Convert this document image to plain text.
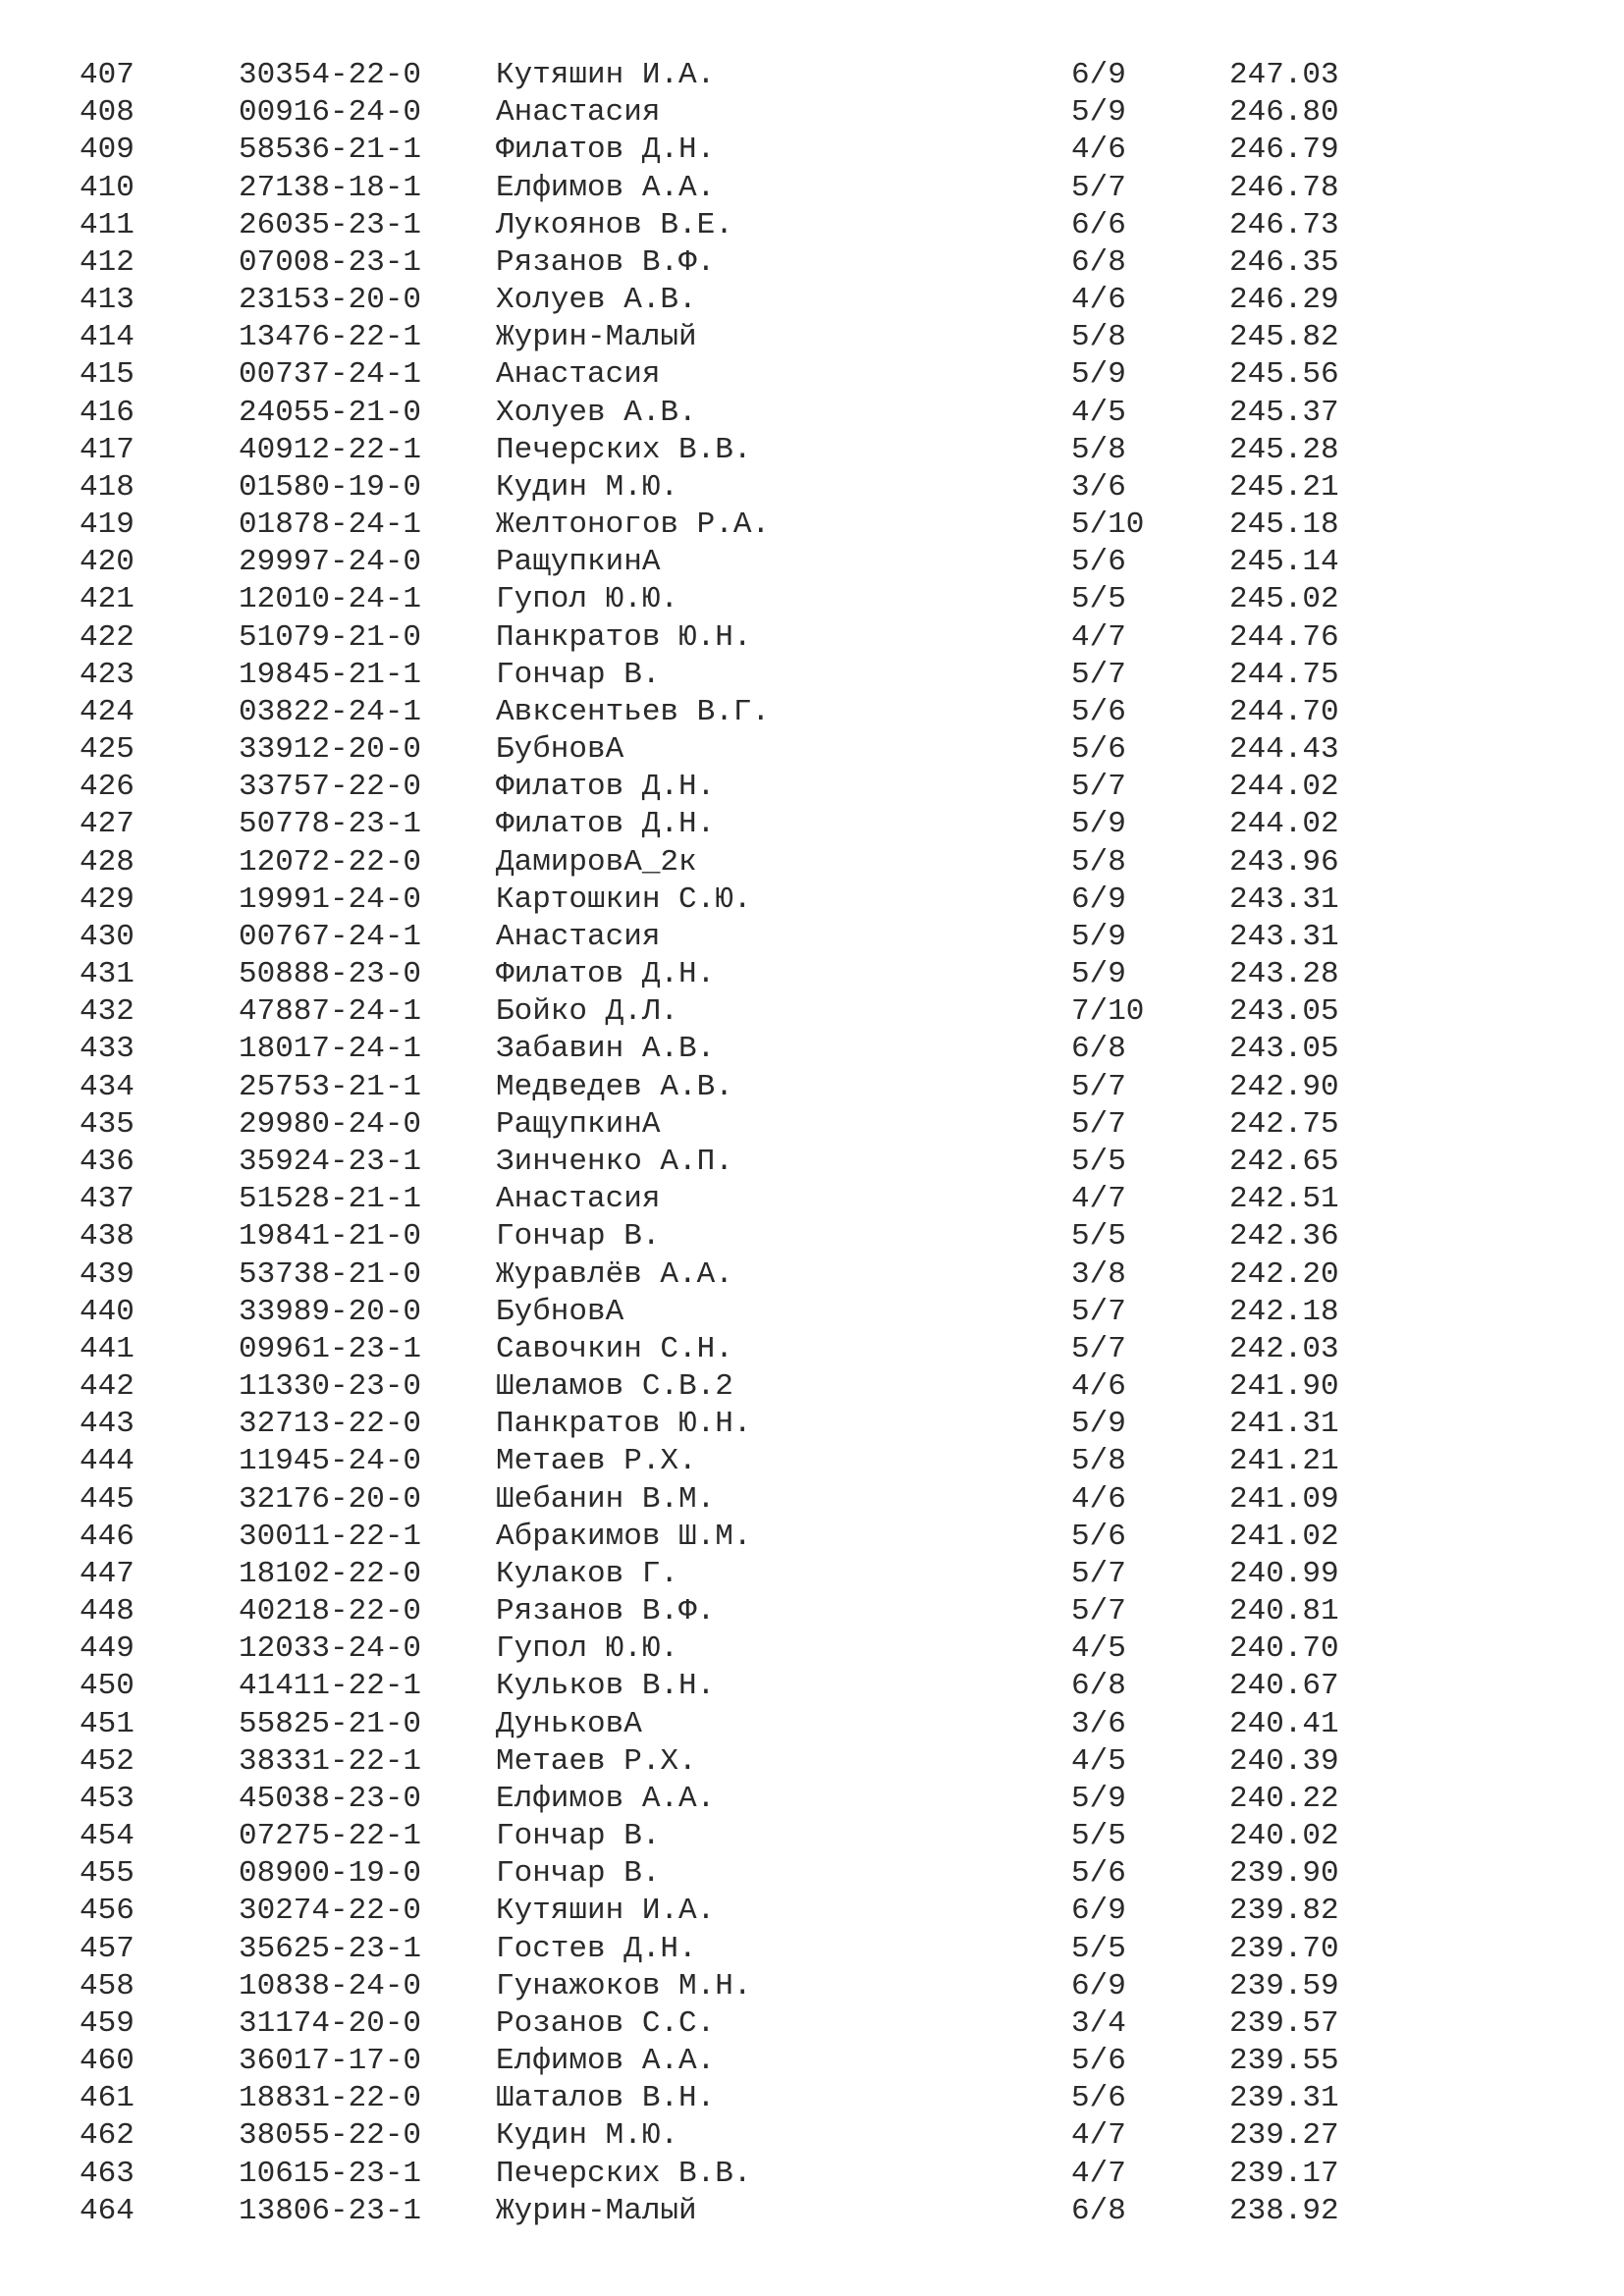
407	30354-22-0 Кутяшин И.А.	6/9	247.03
408	00916-24-0 Анастасия	5/9	246.80
409	58536-21-1 Филатов Д.Н.	4/6	246.79
410	27138-18-1 Елфимов А.А.	5/7	246.78
411	26035-23-1 Лукоянов В.Е.	6/6	246.73
412	07008-23-1 Рязанов В.Ф.	6/8	246.35
413	23153-20-0 Холуев А.В.	4/6	246.29
414	13476-22-1 Журин-Малый	5/8	245.82
415	00737-24-1 Анастасия	5/9	245.56
416	24055-21-0 Холуев А.В.	4/5	245.37
417	40912-22-1 Печерских В.В.	5/8	245.28
418	01580-19-0 Кудин М.Ю.	3/6	245.21
419	01878-24-1 Желтоногов Р.А.	5/10	245.18
420	29997-24-0 РащупкинА	5/6	245.14
421	12010-24-1 Гупол Ю.Ю.	5/5	245.02
422	51079-21-0 Панкратов Ю.Н.	4/7	244.76
423	19845-21-1 Гончар В.	5/7	244.75
424	03822-24-1 Авксентьев В.Г.	5/6	244.70
425	33912-20-0 БубновА	5/6	244.43
426	33757-22-0 Филатов Д.Н.	5/7	244.02
427	50778-23-1 Филатов Д.Н.	5/9	244.02
428	12072-22-0 ДамировА_2к	5/8	243.96
429	19991-24-0 Картошкин С.Ю.	6/9	243.31
430	00767-24-1 Анастасия	5/9	243.31
431	50888-23-0 Филатов Д.Н.	5/9	243.28
432	47887-24-1 Бойко Д.Л.	7/10	243.05
433	18017-24-1 Забавин А.В.	6/8	243.05
434	25753-21-1 Медведев А.В.	5/7	242.90
435	29980-24-0 РащупкинА	5/7	242.75
436	35924-23-1 Зинченко А.П.	5/5	242.65
437	51528-21-1 Анастасия	4/7	242.51
438	19841-21-0 Гончар В.	5/5	242.36
439	53738-21-0 Журавлёв А.А.	3/8	242.20
440	33989-20-0 БубновА	5/7	242.18
441	09961-23-1 Савочкин С.Н.	5/7	242.03
442	11330-23-0 Шеламов С.В.2	4/6	241.90
443	32713-22-0 Панкратов Ю.Н.	5/9	241.31
444	11945-24-0 Метаев Р.Х.	5/8	241.21
445	32176-20-0 Шебанин В.М.	4/6	241.09
446	30011-22-1 Абракимов Ш.М.	5/6	241.02
447	18102-22-0 Кулаков Г.	5/7	240.99
448	40218-22-0 Рязанов В.Ф.	5/7	240.81
449	12033-24-0 Гупол Ю.Ю.	4/5	240.70
450	41411-22-1 Кульков В.Н.	6/8	240.67
451	55825-21-0 ДуньковА	3/6	240.41
452	38331-22-1 Метаев Р.Х.	4/5	240.39
453	45038-23-0 Елфимов А.А.	5/9	240.22
454	07275-22-1 Гончар В.	5/5	240.02
455	08900-19-0 Гончар В.	5/6	239.90
456	30274-22-0 Кутяшин И.А.	6/9	239.82
457	35625-23-1 Гостев Д.Н.	5/5	239.70
458	10838-24-0 Гунажоков М.Н.	6/9	239.59
459	31174-20-0 Розанов С.С.	3/4	239.57
460	36017-17-0 Елфимов А.А.	5/6	239.55
461	18831-22-0 Шаталов В.Н.	5/6	239.31
462	38055-22-0 Кудин М.Ю.	4/7	239.27
463	10615-23-1 Печерских В.В.	4/7	239.17
464	13806-23-1 Журин-Малый	6/8	238.92
